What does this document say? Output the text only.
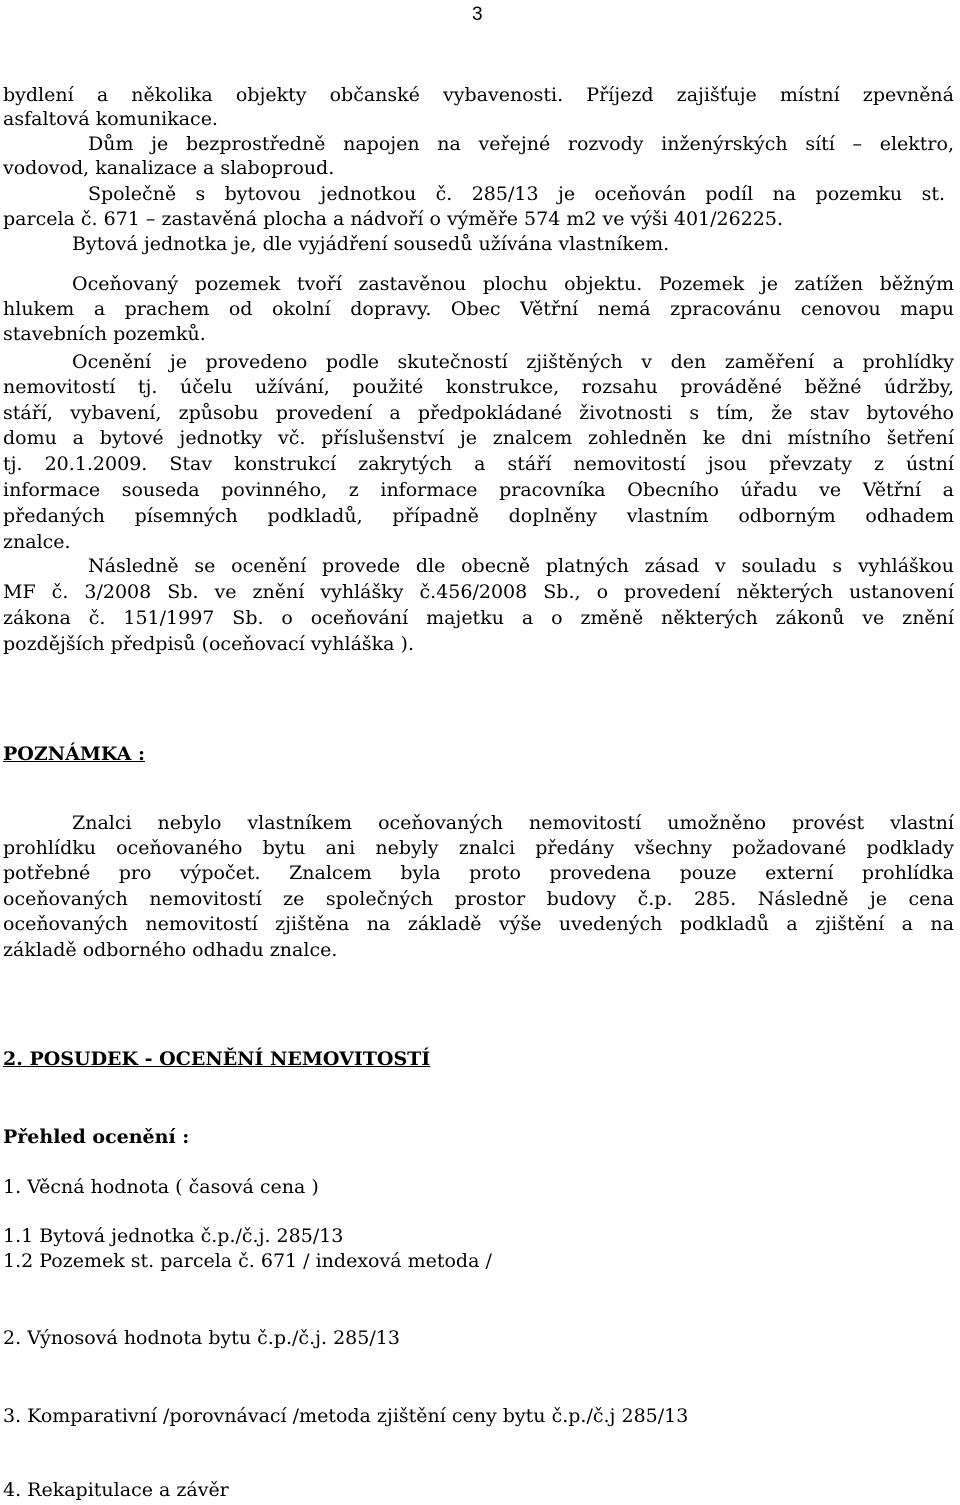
3
bydlení a několika objekty občanské vybavenosti. Příjezd zajišťuje místní zpevněná
asfaltová komunikace.
Dům je bezprostředně napojen na veřejné rozvody inženýrských sítí – elektro,
vodovod, kanalizace a slaboproud.
Společně s bytovou jednotkou č. 285/13 je oceňován podíl na pozemku st.
parcela č. 671 – zastavěná plocha a nádvoří o výměře 574 m2 ve výši 401/26225.
Bytová jednotka je, dle vyjádření sousedů užívána vlastníkem.
Oceňovaný pozemek tvoří zastavěnou plochu objektu. Pozemek je zatížen běžným
hlukem a prachem od okolní dopravy. Obec Větřní nemá zpracovánu cenovou mapu
stavebních pozemků.
Ocenění je provedeno podle skutečností zjištěných v den zaměření a prohlídky
nemovitostí tj. účelu užívání, použité konstrukce, rozsahu prováděné běžné údržby,
stáří, vybavení, způsobu provedení a předpokládané životnosti s tím, že stav bytového
domu a bytové jednotky vč. příslušenství je znalcem zohledněn ke dni místního šetření
tj. 20.1.2009. Stav konstrukcí zakrytých a stáří nemovitostí jsou převzaty z ústní
informace souseda povinného, z informace pracovníka Obecního úřadu ve Větřní a
předaných písemných podkladů, případně doplněny vlastním odborným odhadem
znalce.
Následně se ocenění provede dle obecně platných zásad v souladu s vyhláškou
MF č. 3/2008 Sb. ve znění vyhlášky č.456/2008 Sb., o provedení některých ustanovení
zákona č. 151/1997 Sb. o oceňování majetku a o změně některých zákonů ve znění
pozdějších předpisů (oceňovací vyhláška ).
POZNÁMKA :
Znalci nebylo vlastníkem oceňovaných nemovitostí umožněno provést vlastní
prohlídku oceňovaného bytu ani nebyly znalci předány všechny požadované podklady
potřebné pro výpočet. Znalcem byla proto provedena pouze externí prohlídka
oceňovaných nemovitostí ze společných prostor budovy č.p. 285. Následně je cena
oceňovaných nemovitostí zjištěna na základě výše uvedených podkladů a zjištění a na
základě odborného odhadu znalce.
2. POSUDEK - OCENĚNÍ NEMOVITOSTÍ
Přehled ocenění :
1. Věcná hodnota ( časová cena )
1.1 Bytová jednotka č.p./č.j. 285/13
1.2 Pozemek st. parcela č. 671 / indexová metoda /
2. Výnosová hodnota bytu č.p./č.j. 285/13
3. Komparativní /porovnávací /metoda zjištění ceny bytu č.p./č.j 285/13
4. Rekapitulace a závěr
